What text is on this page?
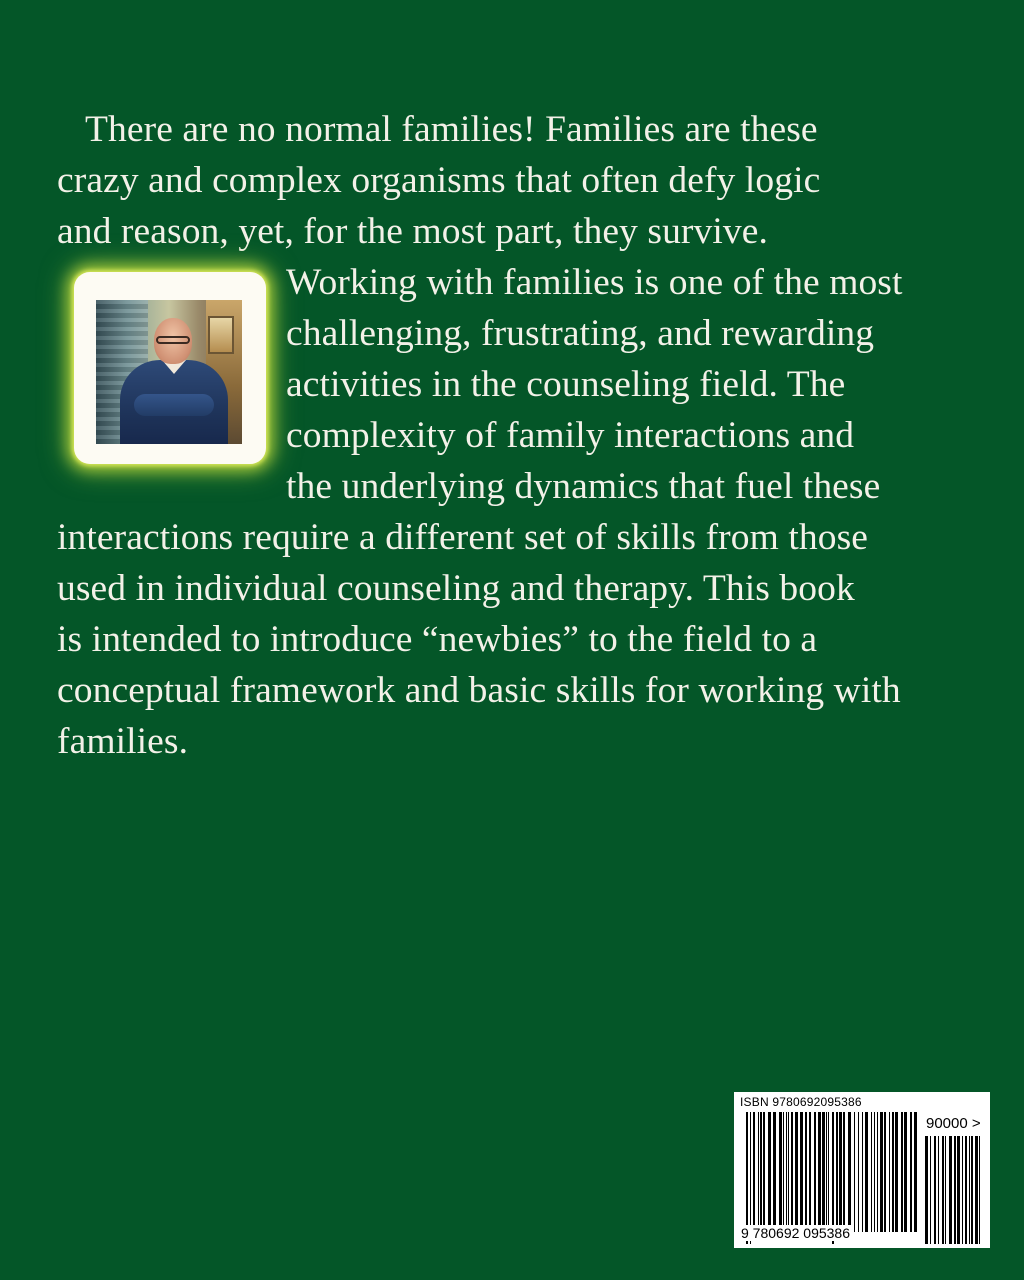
There are no normal families! Families are these
crazy and complex organisms that often defy logic
and reason, yet, for the most part, they survive.
Working with families is one of the most
challenging, frustrating, and rewarding
activities in the counseling field. The
complexity of family interactions and
the underlying dynamics that fuel these
interactions require a different set of skills from those
used in individual counseling and therapy. This book
is intended to introduce “newbies” to the field to a
conceptual framework and basic skills for working with
families.
ISBN 9780692095386
90000 >
9 780692 095386
